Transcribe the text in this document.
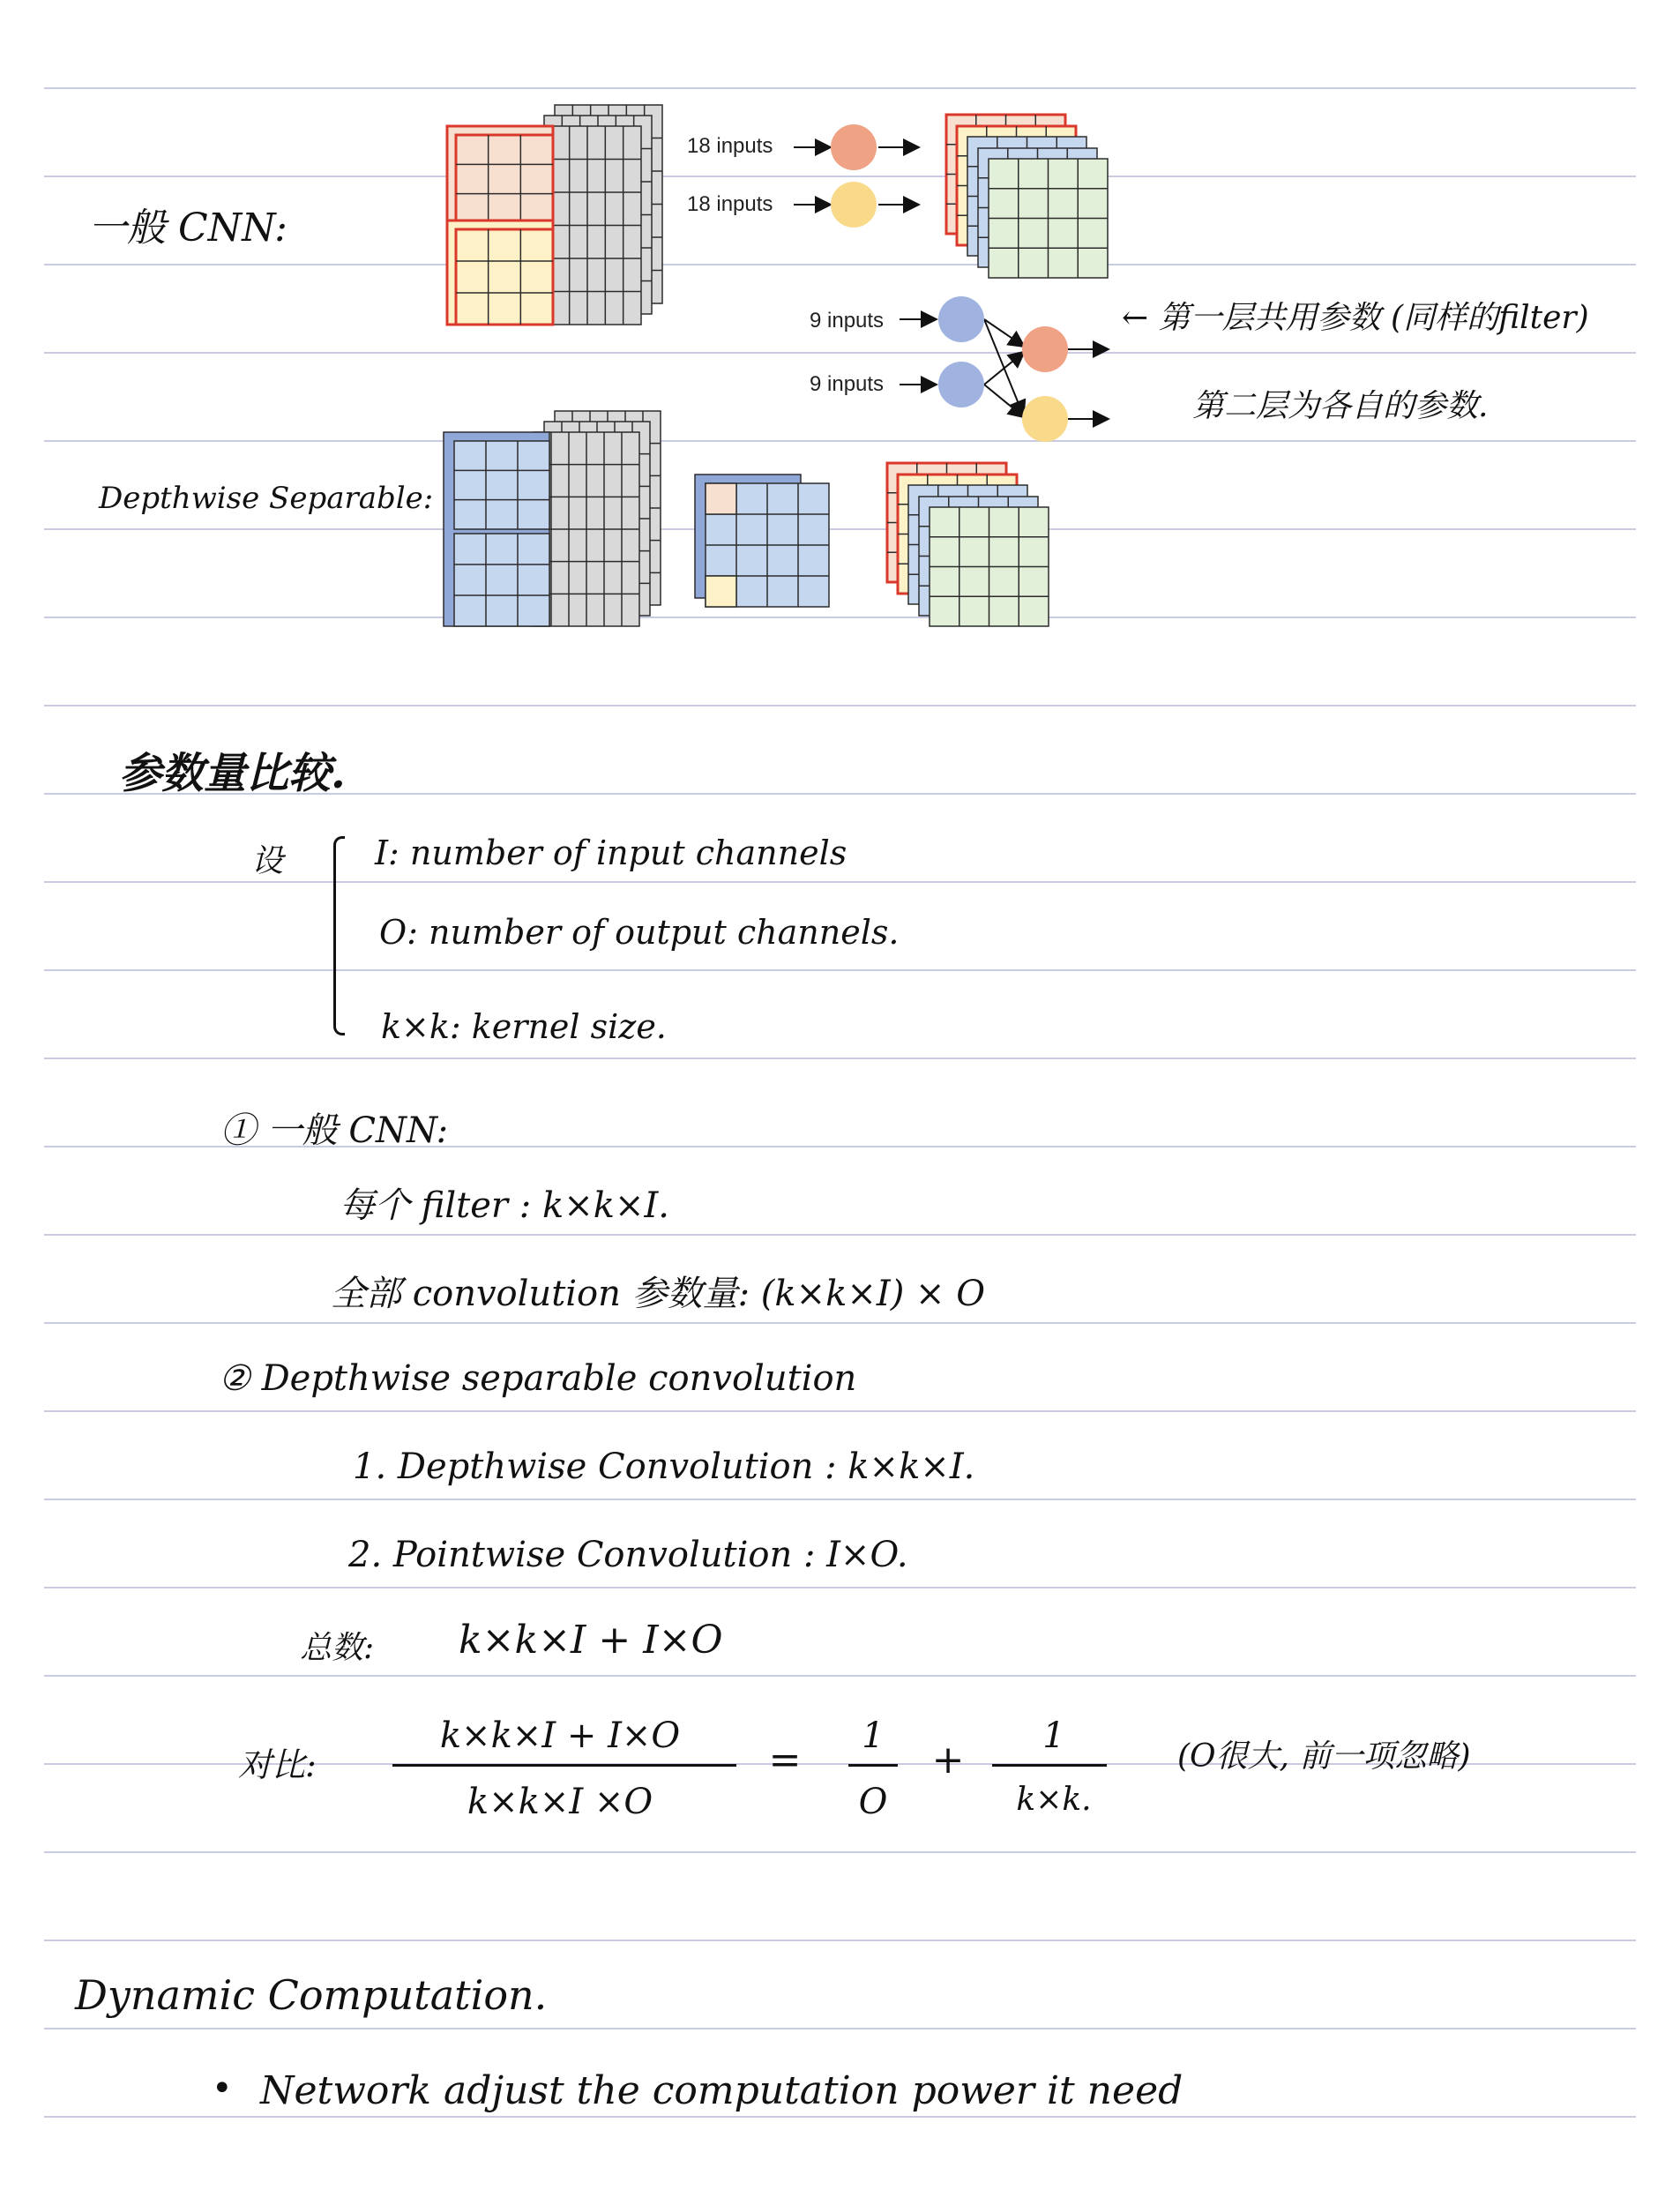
18 inputs
18 inputs
9 inputs
9 inputs
一般 CNN:
Depthwise Separable:
← 第一层共用参数 (同样的filter)
第二层为各自的参数.
参数量比较.
设	I: number of input channels
O: number of output channels.
k×k: kernel size.
① 一般 CNN:
每个 filter : k×k×I.
全部 convolution 参数量: (k×k×I) × O
② Depthwise separable convolution
1. Depthwise Convolution : k×k×I.
2. Pointwise Convolution : I×O.
总数: k×k×I + I×O
对比:
k×k×I + I×O
k×k×I ×O
=
1
O
+
1
k×k.
(O很大, 前一项忽略)
Dynamic Computation.
• Network adjust the computation power it need
